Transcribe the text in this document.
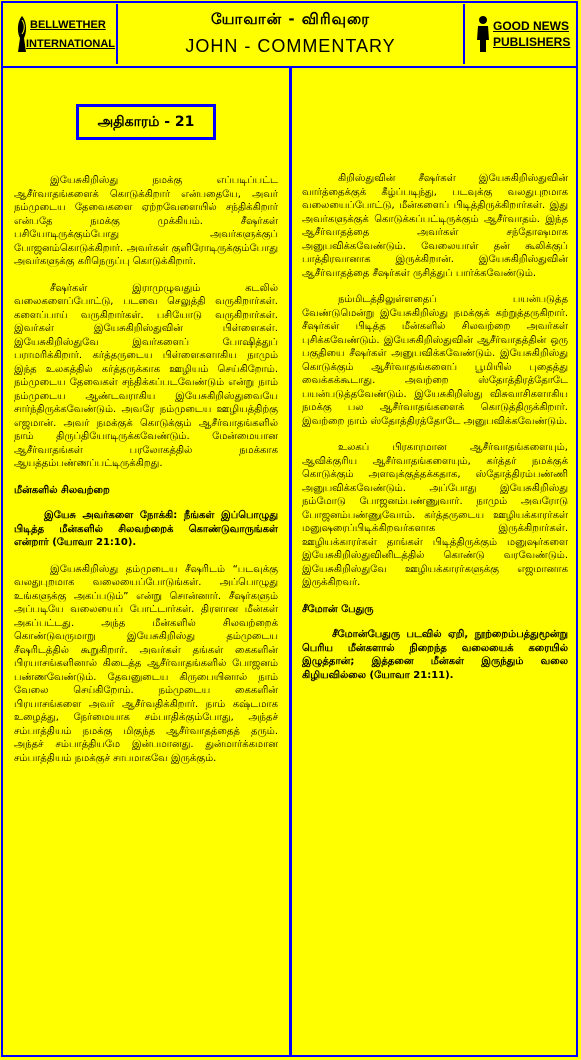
BELLWETHER
INTERNATIONAL
யோவான் - விரிவுரை
JOHN - COMMENTARY
GOOD NEWS
PUBLISHERS
அதிகாரம் - 21

இயேசுகிறிஸ்து நமக்கு எப்படிப்பட்ட ஆசீர்வாதங்களைக் கொடுக்கிறார் என்பதையே, அவர் நம்முடைய தேவைகளை ஏற்றவேளையில் சந்திக்கிறார் என்பதே நமக்கு முக்கியம். சீஷர்கள் பசியோடிருக்கும்போது அவர்களுக்குப் போஜனம்கொடுக்கிறார். அவர்கள் குளிரோடிருக்கும்போது அவர்களுக்கு கரிநெருப்பு கொடுக்கிறார்.

சீஷர்கள் இராமுழுவதும் கடலில் வலைகளைப்போட்டு, படவை செலுத்தி வருகிறார்கள். களைப்பாய் வருகிறார்கள். பசியோடு வருகிறார்கள். இவர்கள் இயேசுகிறிஸ்துவின் பிள்ளைகள். இயேசுகிறிஸ்துவே இவர்களைப் போஷித்துப் பராமரிக்கிறார். கர்த்தருடைய பிள்ளைகளாகிய நாமும் இந்த உலகத்தில் கர்த்தருக்காக ஊழியம் செய்கிறோம். நம்முடைய தேவைகள் சந்திக்கப்படவேண்டும் என்று நாம் நம்முடைய ஆண்டவராகிய இயேசுகிறிஸ்துவையே சார்ந்திருக்கவேண்டும். அவரே நம்முடைய ஊழியத்திற்கு எஜமான். அவர் நமக்குக் கொடுக்கும் ஆசீர்வாதங்களில் நாம் திருப்தியோடிருக்கவேண்டும். மேன்மையான ஆசீர்வாதங்கள் பரலோகத்தில் நமக்காக ஆயத்தம்பண்ணப்பட்டிருக்கிறது.

மீன்களில் சிலவற்றை

இயேசு அவர்களை நோக்கி: நீங்கள் இப்பொழுது பிடித்த மீன்களில் சிலவற்றைக் கொண்டுவாருங்கள் என்றார் (யோவா 21:10).

இயேசுகிறிஸ்து தம்முடைய சீஷரிடம் “படவுக்கு வலதுபுறமாக வலையைப்போடுங்கள். அப்பொழுது உங்களுக்கு அகப்படும்” என்று சொன்னார். சீஷர்களும் அப்படியே வலையைப் போட்டார்கள். திரளான மீன்கள் அகப்பட்டது. அந்த மீன்களில் சிலவற்றைக் கொண்டுவருமாறு இயேசுகிறிஸ்து தம்முடைய சீஷரிடத்தில் கூறுகிறார். அவர்கள் தங்கள் கைகளின் பிரயாசங்களினால் கிடைத்த ஆசீர்வாதங்களில் போஜனம் பண்ணவேண்டும். தேவனுடைய கிருபையினால் நாம் வேலை செய்கிறோம். நம்முடைய கைகளின் பிரயாசங்களை அவர் ஆசீர்வதிக்கிறார். நாம் கஷ்டமாக உழைத்து, நேர்மையாக சம்பாதிக்கும்போது, அந்தச் சம்பாத்தியம் நமக்கு மிகுந்த ஆசீர்வாதத்தைத் தரும். அந்தச் சம்பாத்தியமே இன்பமானது. துன்மார்க்கமான சம்பாத்தியம் நமக்குச் சாபமாகவே இருக்கும்.

கிறிஸ்துவின் சீஷர்கள் இயேசுகிறிஸ்துவின் வார்த்தைக்குக் கீழ்ப்படிந்து, படவுக்கு வலதுபுறமாக வலையைப்போட்டு, மீன்களைப் பிடித்திருக்கிறார்கள். இது அவர்களுக்குக் கொடுக்கப்பட்டிருக்கும் ஆசீர்வாதம். இந்த ஆசீர்வாதத்தை அவர்கள் சந்தோஷமாக அனுபவிக்கவேண்டும். வேலையாள் தன் கூலிக்குப் பாத்திரவானாக இருக்கிறான். இயேசுகிறிஸ்துவின் ஆசீர்வாதத்தை சீஷர்கள் ருசித்துப் பார்க்கவேண்டும்.

நம்மிடத்திலுள்ளதைப் பயன்படுத்த வேண்டுமென்று இயேசுகிறிஸ்து நமக்குக் கற்றுத்தருகிறார். சீஷர்கள் பிடித்த மீன்களில் சிலவற்றை அவர்கள் புசிக்கவேண்டும். இயேசுகிறிஸ்துவின் ஆசீர்வாதத்தின் ஒரு பகுதியை சீஷர்கள் அனுபவிக்கவேண்டும். இயேசுகிறிஸ்து கொடுக்கும் ஆசீர்வாதங்களைப் பூமியில் புதைத்து வைக்கக்கூடாது. அவற்றை ஸ்தோத்திரத்தோடே பயன்படுத்தவேண்டும். இயேசுகிறிஸ்து விசுவாசிகளாகிய நமக்கு பல ஆசீர்வாதங்களைக் கொடுத்திருக்கிறார். இவற்றை நாம் ஸ்தோத்திரத்தோடே அனுபவிக்கவேண்டும்.

உலகப் பிரகாரமான ஆசீர்வாதங்களையும், ஆவிக்குரிய ஆசீர்வாதங்களையும், கர்த்தர் நமக்குக் கொடுக்கும் அளவுக்குத்தக்கதாக, ஸ்தோத்திரம்பண்ணி அனுபவிக்கவேண்டும். அப்போது இயேசுகிறிஸ்து நம்மோடு போஜனம்பண்ணுவார். நாமும் அவரோடு போஜனம்பண்ணுவோம். கர்த்தருடைய ஊழியக்காரர்கள் மனுஷரைப்பிடிக்கிறவர்களாக இருக்கிறார்கள். ஊழியக்காரர்கள் தாங்கள் பிடித்திருக்கும் மனுஷர்களை இயேசுகிறிஸ்துவினிடத்தில் கொண்டு வரவேண்டும். இயேசுகிறிஸ்துவே ஊழியக்காரர்களுக்கு எஜமானாக இருக்கிறவர்.

சீமோன் பேதுரு

சீமோன்பேதுரு படவில் ஏறி, நூற்றைம்பத்துமூன்று பெரிய மீன்களால் நிறைந்த வலையைக் கரையில் இழுத்தான்; இத்தனை மீன்கள் இருந்தும் வலை கிழியவில்லை (யோவா 21:11).
